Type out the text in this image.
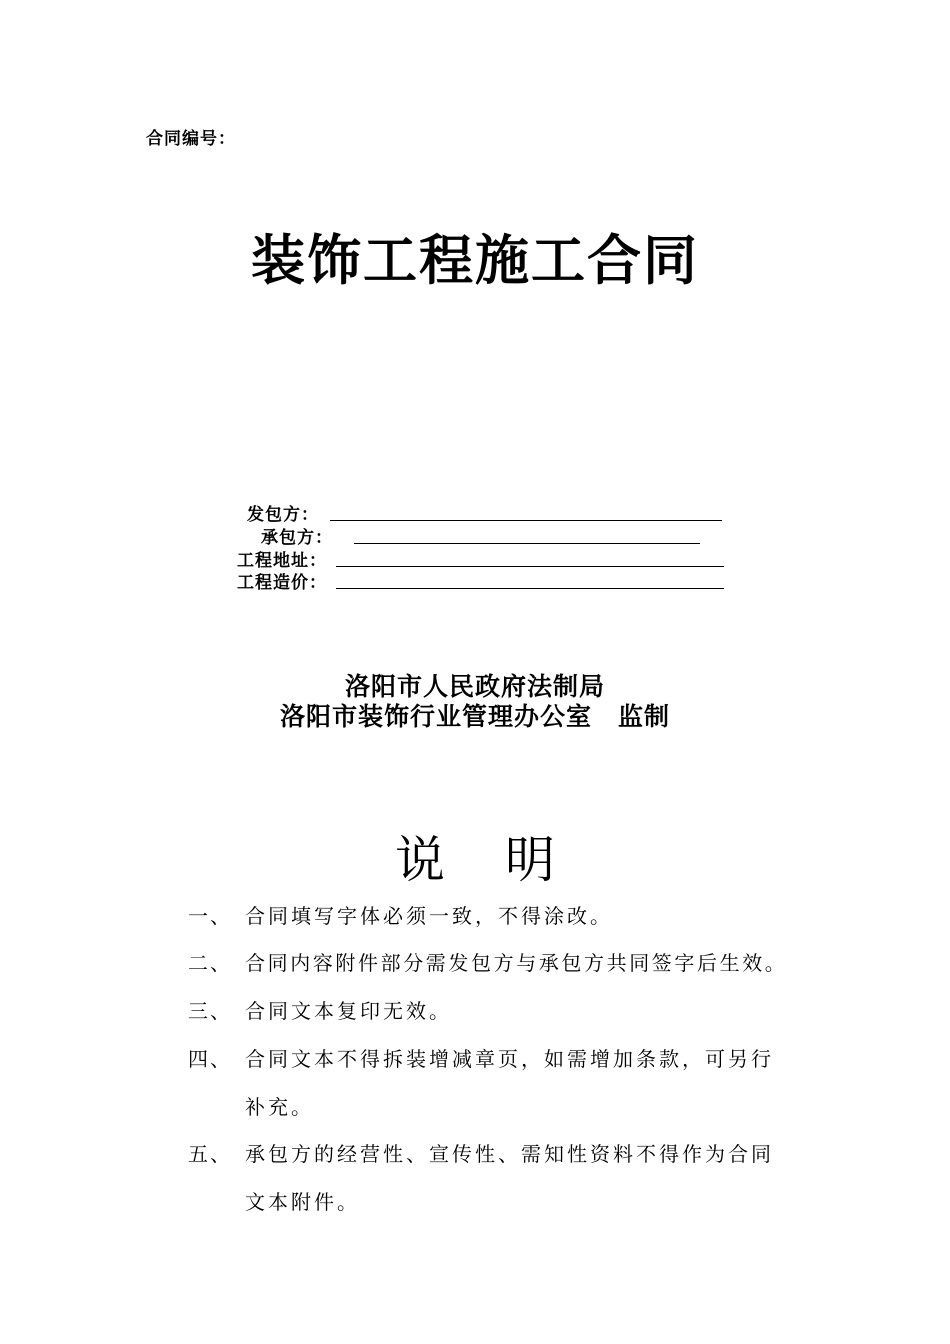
合同编号：
装饰工程施工合同
发包方：
承包方：
工程地址：
工程造价：
洛阳市人民政府法制局
洛阳市装饰行业管理办公室　监制
说明
一、 合同填写字体必须一致，不得涂改。
二、 合同内容附件部分需发包方与承包方共同签字后生效。
三、 合同文本复印无效。
四、 合同文本不得拆装增减章页，如需增加条款，可另行
补充。
五、 承包方的经营性、宣传性、需知性资料不得作为合同
文本附件。
